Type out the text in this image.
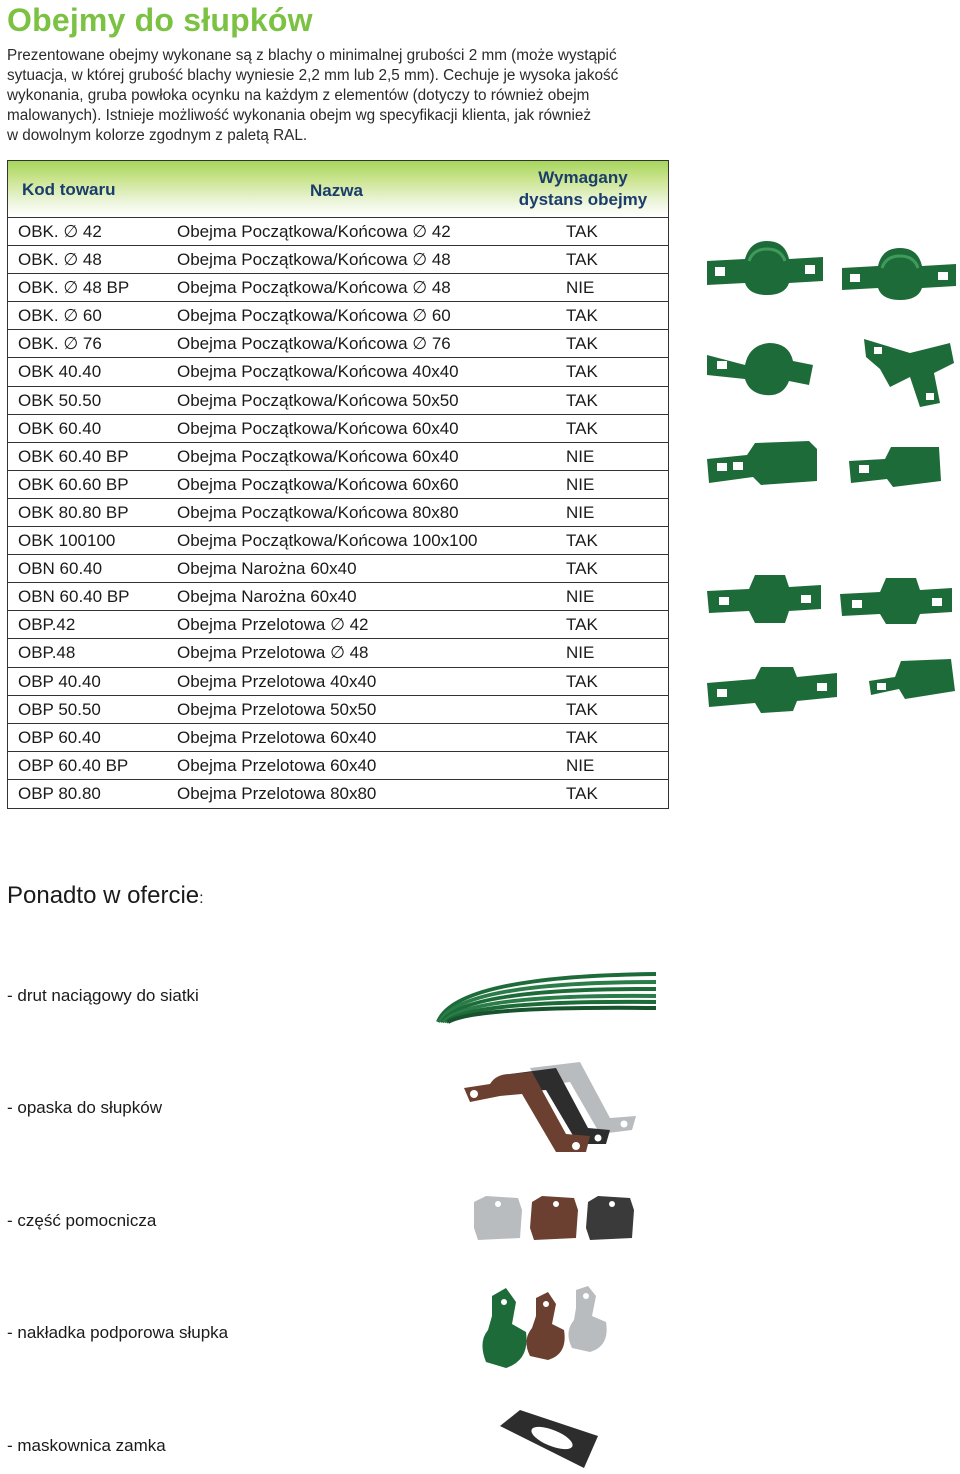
Obejmy do słupków
Prezentowane obejmy wykonane są z blachy o minimalnej grubości 2 mm (może wystąpić
sytuacja, w której grubość blachy wyniesie 2,2 mm lub 2,5 mm). Cechuje je wysoka jakość
wykonania, gruba powłoka ocynku na każdym z elementów (dotyczy to również obejm
malowanych). Istnieje możliwość wykonania obejm wg specyfikacji klienta, jak również
w dowolnym kolorze zgodnym z paletą RAL.
Kod towaru	Nazwa
Wymagany
dystans obejmy
OBK. ∅ 42	Obejma Początkowa/Końcowa ∅ 42	TAK
OBK. ∅ 48	Obejma Początkowa/Końcowa ∅ 48	TAK
OBK. ∅ 48 BP	Obejma Początkowa/Końcowa ∅ 48	NIE
OBK. ∅ 60	Obejma Początkowa/Końcowa ∅ 60	TAK
OBK. ∅ 76	Obejma Początkowa/Końcowa ∅ 76	TAK
OBK 40.40	Obejma Początkowa/Końcowa 40x40	TAK
OBK 50.50	Obejma Początkowa/Końcowa 50x50	TAK
OBK 60.40	Obejma Początkowa/Końcowa 60x40	TAK
OBK 60.40 BP	Obejma Początkowa/Końcowa 60x40	NIE
OBK 60.60 BP	Obejma Początkowa/Końcowa 60x60	NIE
OBK 80.80 BP	Obejma Początkowa/Końcowa 80x80	NIE
OBK 100100	Obejma Początkowa/Końcowa 100x100	TAK
OBN 60.40	Obejma Narożna 60x40	TAK
OBN 60.40 BP	Obejma Narożna 60x40	NIE
OBP.42	Obejma Przelotowa ∅ 42	TAK
OBP.48	Obejma Przelotowa ∅ 48	NIE
OBP 40.40	Obejma Przelotowa 40x40	TAK
OBP 50.50	Obejma Przelotowa 50x50	TAK
OBP 60.40	Obejma Przelotowa 60x40	TAK
OBP 60.40 BP	Obejma Przelotowa 60x40	NIE
OBP 80.80	Obejma Przelotowa 80x80	TAK
Ponadto w ofercie:
- drut naciągowy do siatki
- opaska do słupków
- część pomocnicza
- nakładka podporowa słupka
- maskownica zamka
